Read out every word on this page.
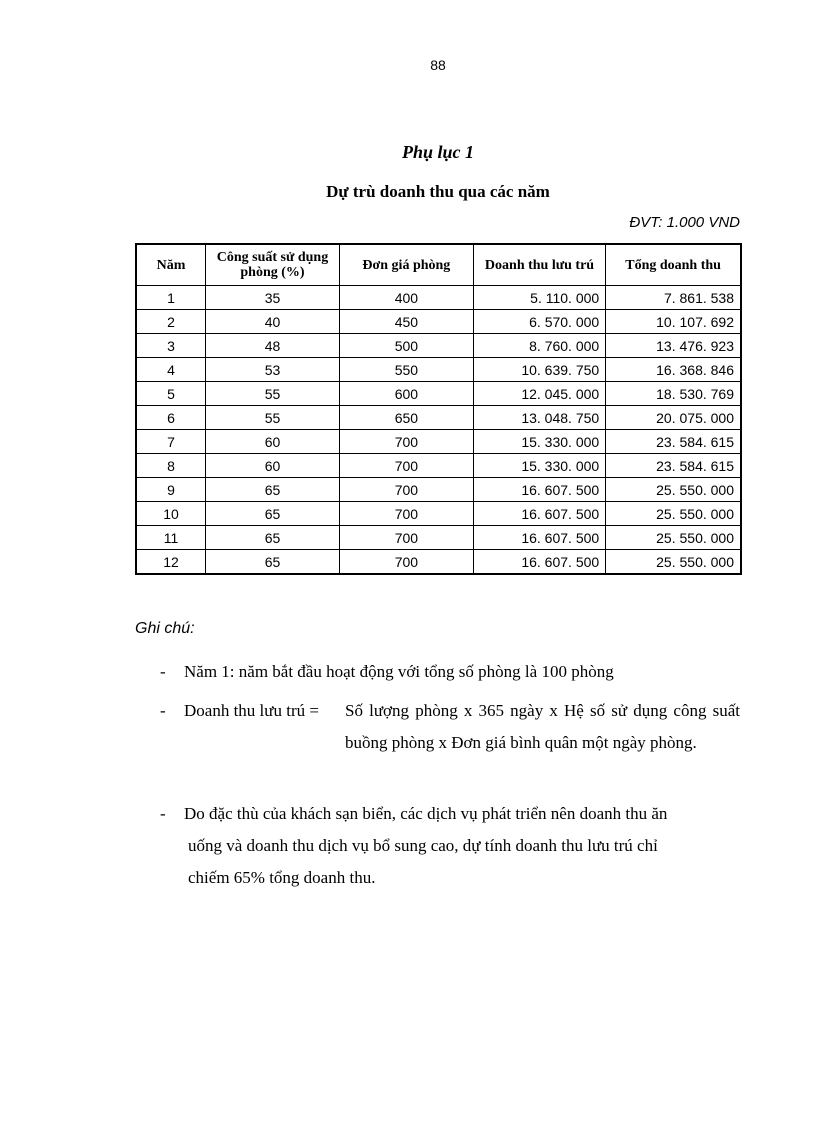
88
Phụ lục 1
Dự trù doanh thu qua các năm
ĐVT: 1.000 VND
Năm	Công suất sử dụng phòng (%)	Đơn giá phòng	Doanh thu lưu trú	Tổng doanh thu
1	35	400	5. 110. 000	7. 861. 538
2	40	450	6. 570. 000	10. 107. 692
3	48	500	8. 760. 000	13. 476. 923
4	53	550	10. 639. 750	16. 368. 846
5	55	600	12. 045. 000	18. 530. 769
6	55	650	13. 048. 750	20. 075. 000
7	60	700	15. 330. 000	23. 584. 615
8	60	700	15. 330. 000	23. 584. 615
9	65	700	16. 607. 500	25. 550. 000
10	65	700	16. 607. 500	25. 550. 000
11	65	700	16. 607. 500	25. 550. 000
12	65	700	16. 607. 500	25. 550. 000
Ghi chú:
- Năm 1: năm bắt đầu hoạt động với tổng số phòng là 100 phòng
- Doanh thu lưu trú = Số lượng phòng x 365 ngày x Hệ số sử dụng công suất buồng phòng x Đơn giá bình quân một ngày phòng.
- Do đặc thù của khách sạn biển, các dịch vụ phát triển nên doanh thu ăn
uống và doanh thu dịch vụ bổ sung cao, dự tính doanh thu lưu trú chỉ
chiếm 65% tổng doanh thu.
